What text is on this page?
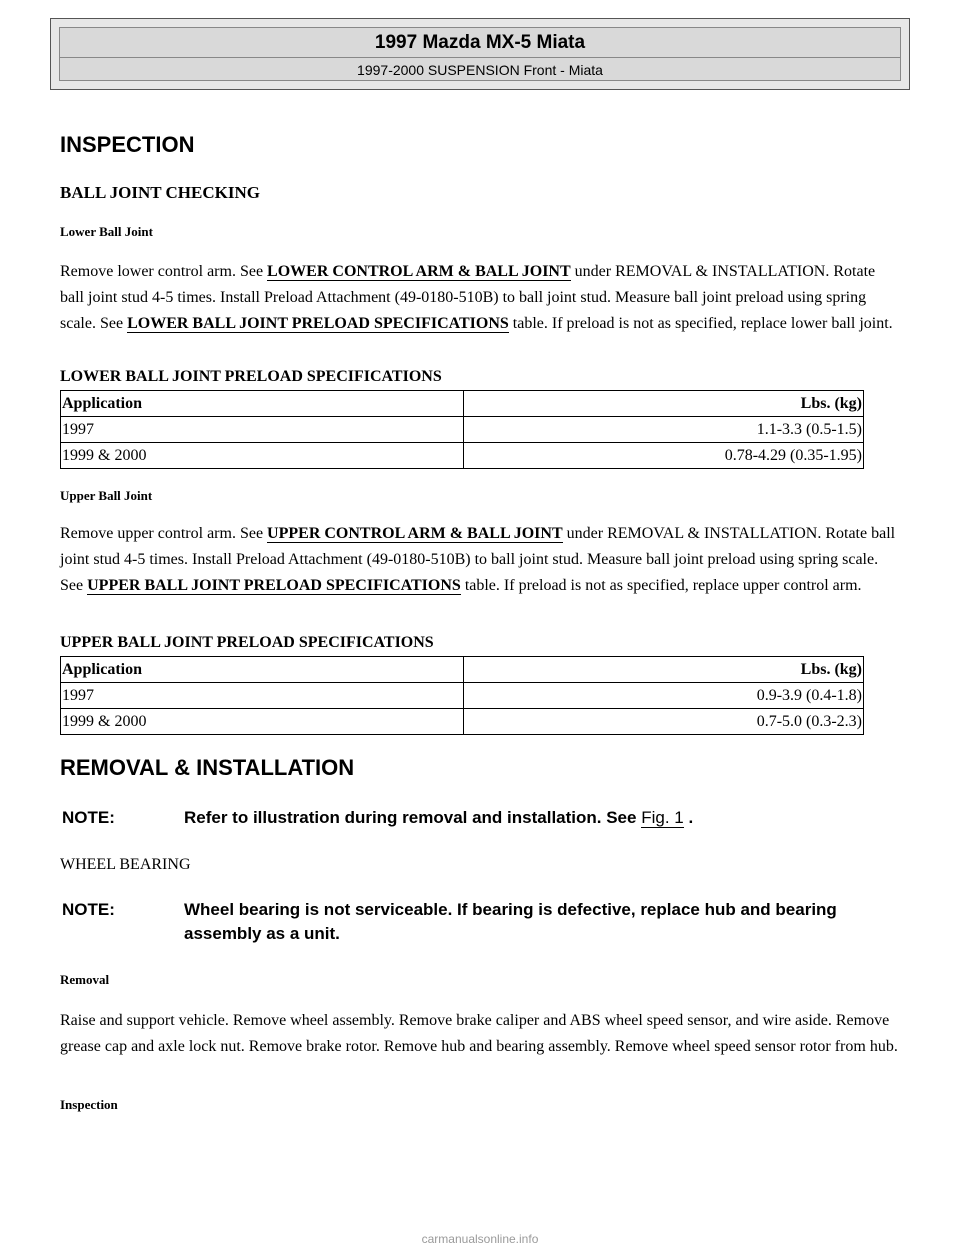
1997 Mazda MX-5 Miata
1997-2000 SUSPENSION Front - Miata
INSPECTION
BALL JOINT CHECKING
Lower Ball Joint
Remove lower control arm. See LOWER CONTROL ARM & BALL JOINT under REMOVAL & INSTALLATION. Rotate ball joint stud 4-5 times. Install Preload Attachment (49-0180-510B) to ball joint stud. Measure ball joint preload using spring scale. See LOWER BALL JOINT PRELOAD SPECIFICATIONS table. If preload is not as specified, replace lower ball joint.
LOWER BALL JOINT PRELOAD SPECIFICATIONS
Application	Lbs. (kg)
1997	1.1-3.3 (0.5-1.5)
1999 & 2000	0.78-4.29 (0.35-1.95)
Upper Ball Joint
Remove upper control arm. See UPPER CONTROL ARM & BALL JOINT under REMOVAL & INSTALLATION. Rotate ball joint stud 4-5 times. Install Preload Attachment (49-0180-510B) to ball joint stud. Measure ball joint preload using spring scale. See UPPER BALL JOINT PRELOAD SPECIFICATIONS table. If preload is not as specified, replace upper control arm.
UPPER BALL JOINT PRELOAD SPECIFICATIONS
Application	Lbs. (kg)
1997	0.9-3.9 (0.4-1.8)
1999 & 2000	0.7-5.0 (0.3-2.3)
REMOVAL & INSTALLATION
NOTE:	Refer to illustration during removal and installation. See Fig. 1 .
WHEEL BEARING
NOTE:	Wheel bearing is not serviceable. If bearing is defective, replace hub and bearing assembly as a unit.
Removal
Raise and support vehicle. Remove wheel assembly. Remove brake caliper and ABS wheel speed sensor, and wire aside. Remove grease cap and axle lock nut. Remove brake rotor. Remove hub and bearing assembly. Remove wheel speed sensor rotor from hub.
Inspection
carmanualsonline.info
